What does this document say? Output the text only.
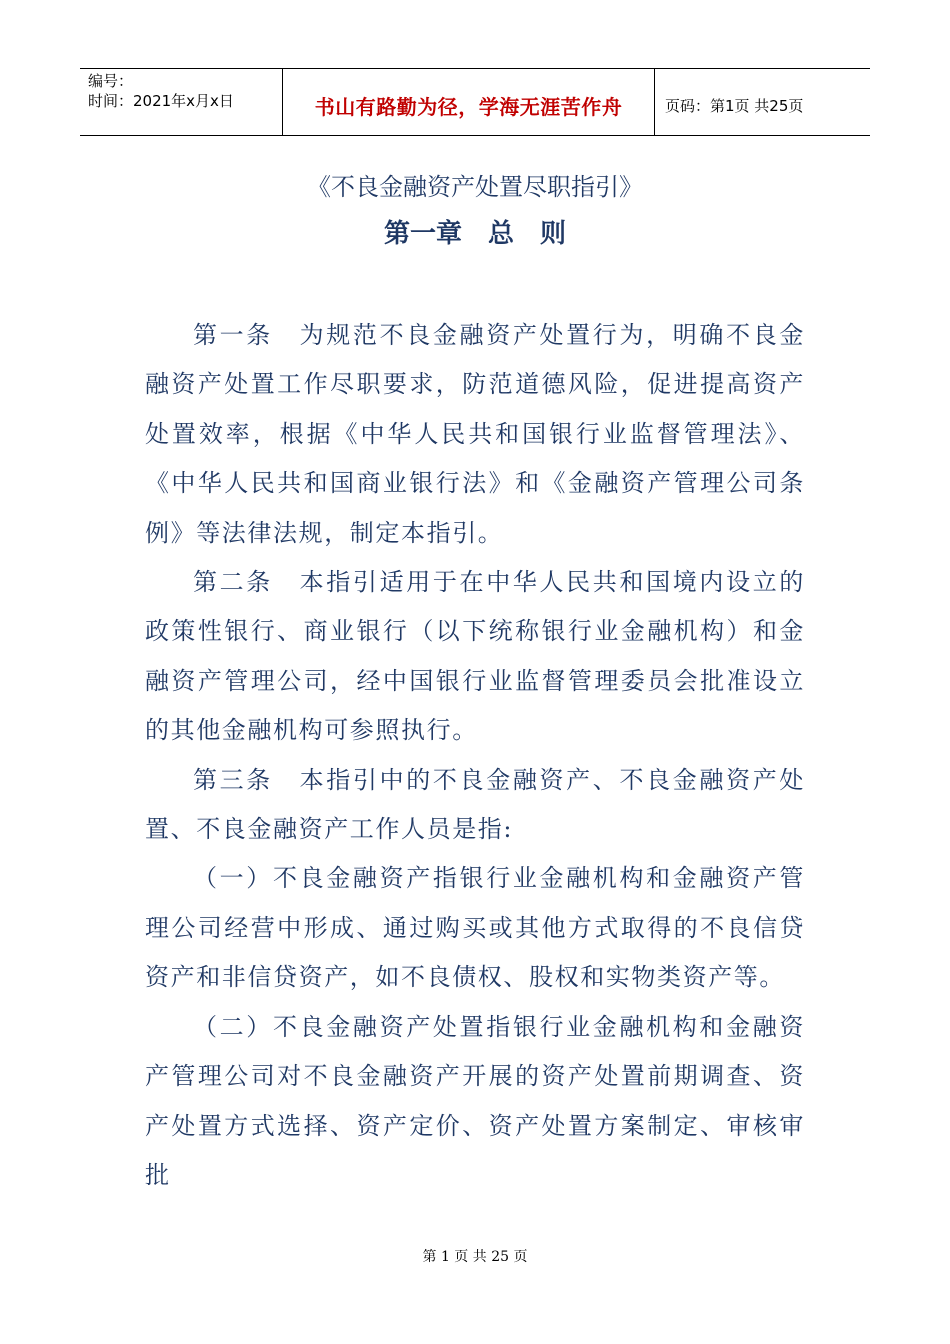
编号：
时间：2021年x月x日	书山有路勤为径，学海无涯苦作舟	页码：第1页 共25页
《不良金融资产处置尽职指引》
第一章　总　则

第一条　为规范不良金融资产处置行为，明确不良金融资产处置工作尽职要求，防范道德风险，促进提高资产处置效率，根据《中华人民共和国银行业监督管理法》、《中华人民共和国商业银行法》和《金融资产管理公司条例》等法律法规，制定本指引。

第二条　本指引适用于在中华人民共和国境内设立的政策性银行、商业银行（以下统称银行业金融机构）和金融资产管理公司，经中国银行业监督管理委员会批准设立的其他金融机构可参照执行。

第三条　本指引中的不良金融资产、不良金融资产处置、不良金融资产工作人员是指:

（一）不良金融资产指银行业金融机构和金融资产管理公司经营中形成、通过购买或其他方式取得的不良信贷资产和非信贷资产，如不良债权、股权和实物类资产等。

（二）不良金融资产处置指银行业金融机构和金融资产管理公司对不良金融资产开展的资产处置前期调查、资产处置方式选择、资产定价、资产处置方案制定、审核审批

第 1 页 共 25 页
